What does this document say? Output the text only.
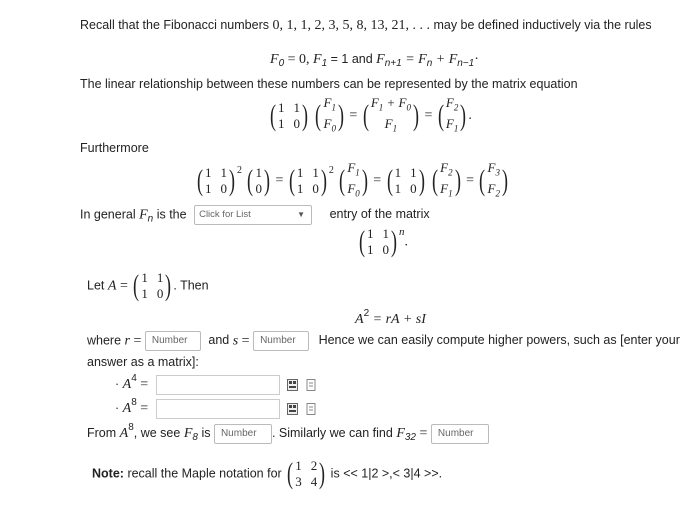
Recall that the Fibonacci numbers 0, 1, 1, 2, 3, 5, 8, 13, 21, . . . may be defined inductively via the rules
$F_0 = 0$, $F_1 = 1$ and $F_{n+1} = F_n + F_{n-1}\cdot$
The linear relationship between these numbers can be represented by the matrix equation
( 1 1
1 0 )
( $F_1$
$F_0$ ) = ( $F_1 + F_0$
$F_1$ ) = ( $F_2$
$F_1$ ) .
Furthermore
( 1 1
1 0 )$^2$
( 1
0 ) = ( 1 1
1 0 )$^2$
( $F_1$
$F_0$ ) = ( 1 1
1 0 )
( $F_2$
$F_1$ ) = ( $F_3$
$F_2$ )
In general $F_n$ is the Click for List	▼ entry of the matrix
( 1 1
1 0 )$^n$
.
Let A = ( 1 1
1 0 ) . Then
$A^2$ = rA + sI
where r = Number and s = Number Hence we can easily compute higher powers, such as [enter your
answer as a matrix]:
· $A^4$ =
· $A^8$ =
From $A^8$, we see $F_8$ is Number . Similarly we can find $F_{32}$ = Number
Note: recall the Maple notation for ( 1 2
3 4 ) is << 1|2 >,< 3|4 >>.
